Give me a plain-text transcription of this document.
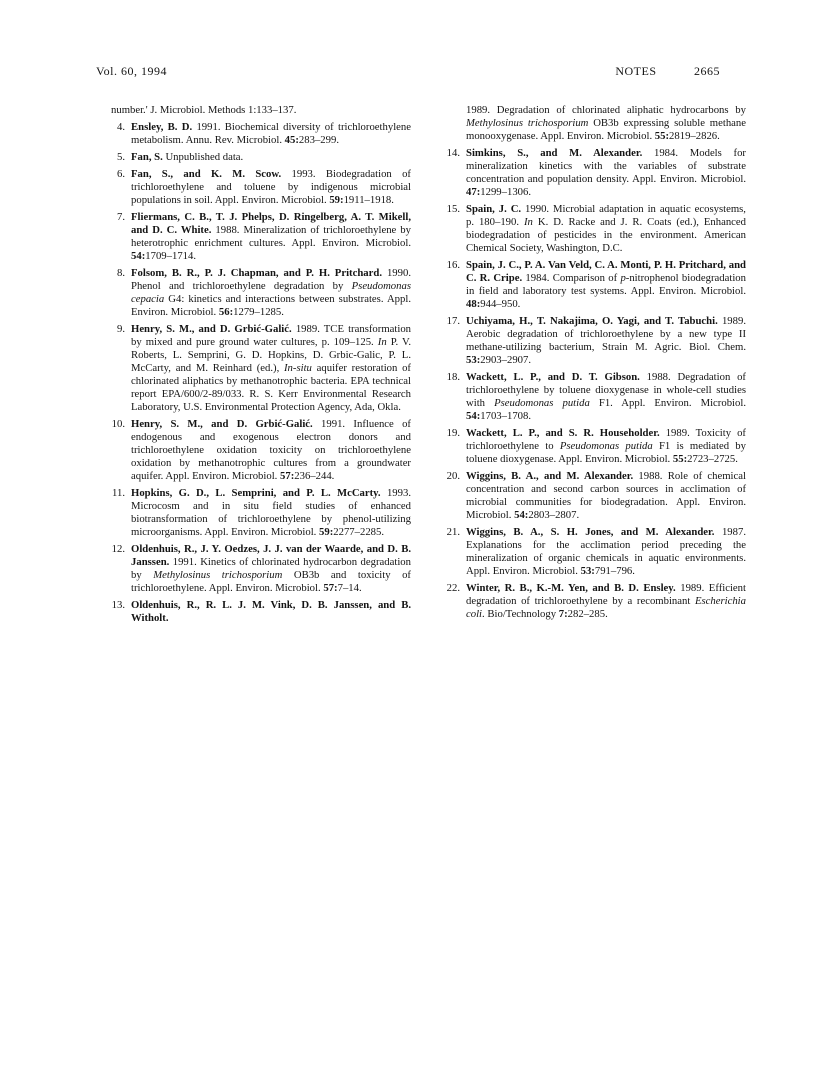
Vol. 60, 1994	NOTES	2665
number.' J. Microbiol. Methods 1:133–137.
4. Ensley, B. D. 1991. Biochemical diversity of trichloroethylene metabolism. Annu. Rev. Microbiol. 45:283–299.
5. Fan, S. Unpublished data.
6. Fan, S., and K. M. Scow. 1993. Biodegradation of trichloroethylene and toluene by indigenous microbial populations in soil. Appl. Environ. Microbiol. 59:1911–1918.
7. Fliermans, C. B., T. J. Phelps, D. Ringelberg, A. T. Mikell, and D. C. White. 1988. Mineralization of trichloroethylene by heterotrophic enrichment cultures. Appl. Environ. Microbiol. 54:1709–1714.
8. Folsom, B. R., P. J. Chapman, and P. H. Pritchard. 1990. Phenol and trichloroethylene degradation by Pseudomonas cepacia G4: kinetics and interactions between substrates. Appl. Environ. Microbiol. 56:1279–1285.
9. Henry, S. M., and D. Grbić-Galić. 1989. TCE transformation by mixed and pure ground water cultures, p. 109–125. In P. V. Roberts, L. Semprini, G. D. Hopkins, D. Grbic-Galic, P. L. McCarty, and M. Reinhard (ed.), In-situ aquifer restoration of chlorinated aliphatics by methanotrophic bacteria. EPA technical report EPA/600/2-89/033. R. S. Kerr Environmental Research Laboratory, U.S. Environmental Protection Agency, Ada, Okla.
10. Henry, S. M., and D. Grbić-Galić. 1991. Influence of endogenous and exogenous electron donors and trichloroethylene oxidation toxicity on trichloroethylene oxidation by methanotrophic cultures from a groundwater aquifer. Appl. Environ. Microbiol. 57:236–244.
11. Hopkins, G. D., L. Semprini, and P. L. McCarty. 1993. Microcosm and in situ field studies of enhanced biotransformation of trichloroethylene by phenol-utilizing microorganisms. Appl. Environ. Microbiol. 59:2277–2285.
12. Oldenhuis, R., J. Y. Oedzes, J. J. van der Waarde, and D. B. Janssen. 1991. Kinetics of chlorinated hydrocarbon degradation by Methylosinus trichosporium OB3b and toxicity of trichloroethylene. Appl. Environ. Microbiol. 57:7–14.
13. Oldenhuis, R., R. L. J. M. Vink, D. B. Janssen, and B. Witholt.
1989. Degradation of chlorinated aliphatic hydrocarbons by Methylosinus trichosporium OB3b expressing soluble methane monooxygenase. Appl. Environ. Microbiol. 55:2819–2826.
14. Simkins, S., and M. Alexander. 1984. Models for mineralization kinetics with the variables of substrate concentration and population density. Appl. Environ. Microbiol. 47:1299–1306.
15. Spain, J. C. 1990. Microbial adaptation in aquatic ecosystems, p. 180–190. In K. D. Racke and J. R. Coats (ed.), Enhanced biodegradation of pesticides in the environment. American Chemical Society, Washington, D.C.
16. Spain, J. C., P. A. Van Veld, C. A. Monti, P. H. Pritchard, and C. R. Cripe. 1984. Comparison of p-nitrophenol biodegradation in field and laboratory test systems. Appl. Environ. Microbiol. 48:944–950.
17. Uchiyama, H., T. Nakajima, O. Yagi, and T. Tabuchi. 1989. Aerobic degradation of trichloroethylene by a new type II methane-utilizing bacterium, Strain M. Agric. Biol. Chem. 53:2903–2907.
18. Wackett, L. P., and D. T. Gibson. 1988. Degradation of trichloroethylene by toluene dioxygenase in whole-cell studies with Pseudomonas putida F1. Appl. Environ. Microbiol. 54:1703–1708.
19. Wackett, L. P., and S. R. Householder. 1989. Toxicity of trichloroethylene to Pseudomonas putida F1 is mediated by toluene dioxygenase. Appl. Environ. Microbiol. 55:2723–2725.
20. Wiggins, B. A., and M. Alexander. 1988. Role of chemical concentration and second carbon sources in acclimation of microbial communities for biodegradation. Appl. Environ. Microbiol. 54:2803–2807.
21. Wiggins, B. A., S. H. Jones, and M. Alexander. 1987. Explanations for the acclimation period preceding the mineralization of organic chemicals in aquatic environments. Appl. Environ. Microbiol. 53:791–796.
22. Winter, R. B., K.-M. Yen, and B. D. Ensley. 1989. Efficient degradation of trichloroethylene by a recombinant Escherichia coli. Bio/Technology 7:282–285.
